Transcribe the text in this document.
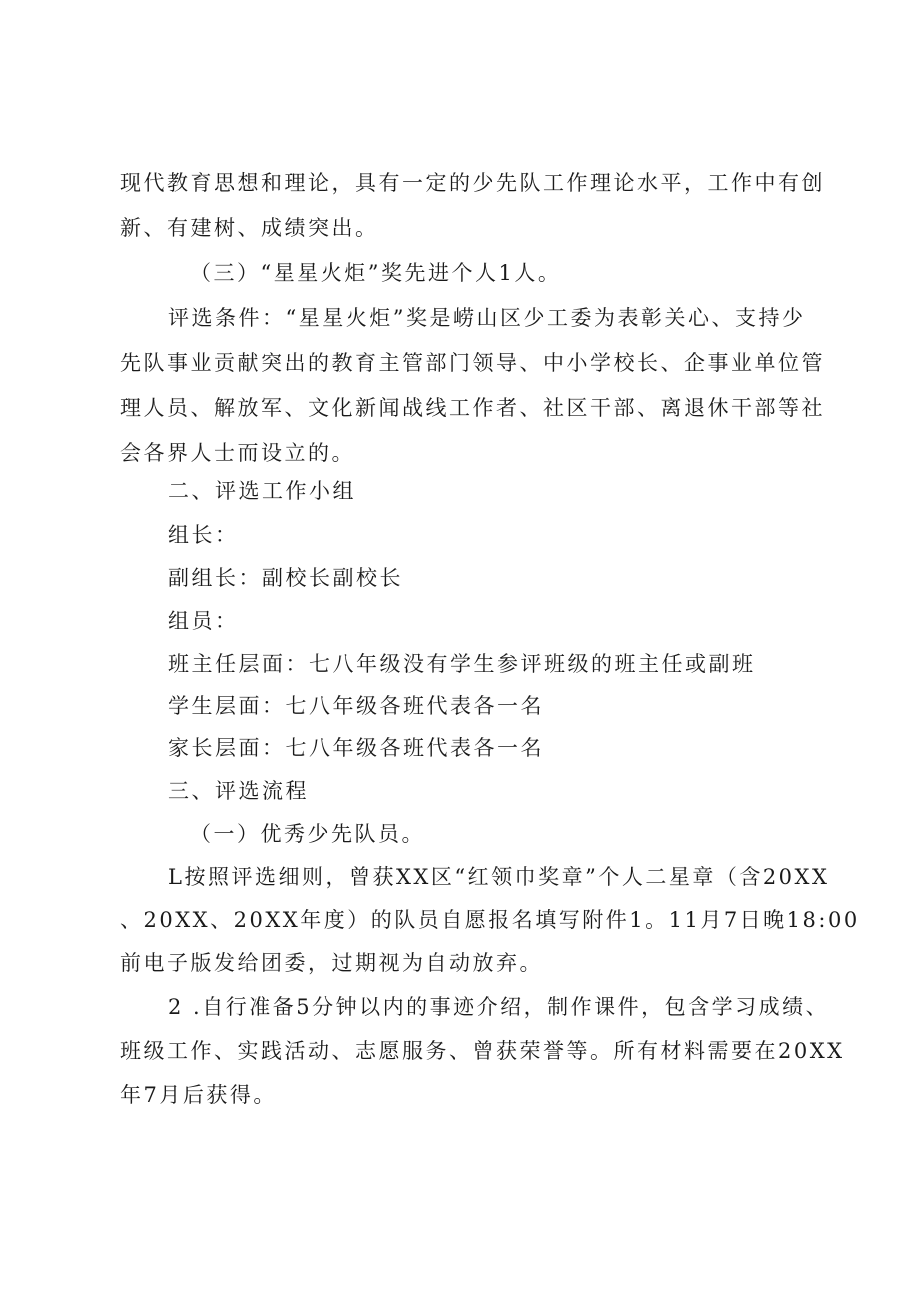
现代教育思想和理论，具有一定的少先队工作理论水平，工作中有创

新、有建树、成绩突出。

（三）“星星火炬”奖先进个人1人。

评选条件：“星星火炬”奖是崂山区少工委为表彰关心、支持少

先队事业贡献突出的教育主管部门领导、中小学校长、企事业单位管

理人员、解放军、文化新闻战线工作者、社区干部、离退休干部等社

会各界人士而设立的。

二、评选工作小组

组长：

副组长：副校长副校长

组员：

班主任层面：七八年级没有学生参评班级的班主任或副班

学生层面：七八年级各班代表各一名

家长层面：七八年级各班代表各一名

三、评选流程

（一）优秀少先队员。

L按照评选细则，曾获XX区“红领巾奖章”个人二星章（含20XX

、20XX、20XX年度）的队员自愿报名填写附件1。11月7日晚18:00

前电子版发给团委，过期视为自动放弃。

2 .自行准备5分钟以内的事迹介绍，制作课件，包含学习成绩、

班级工作、实践活动、志愿服务、曾获荣誉等。所有材料需要在20XX

年7月后获得。
